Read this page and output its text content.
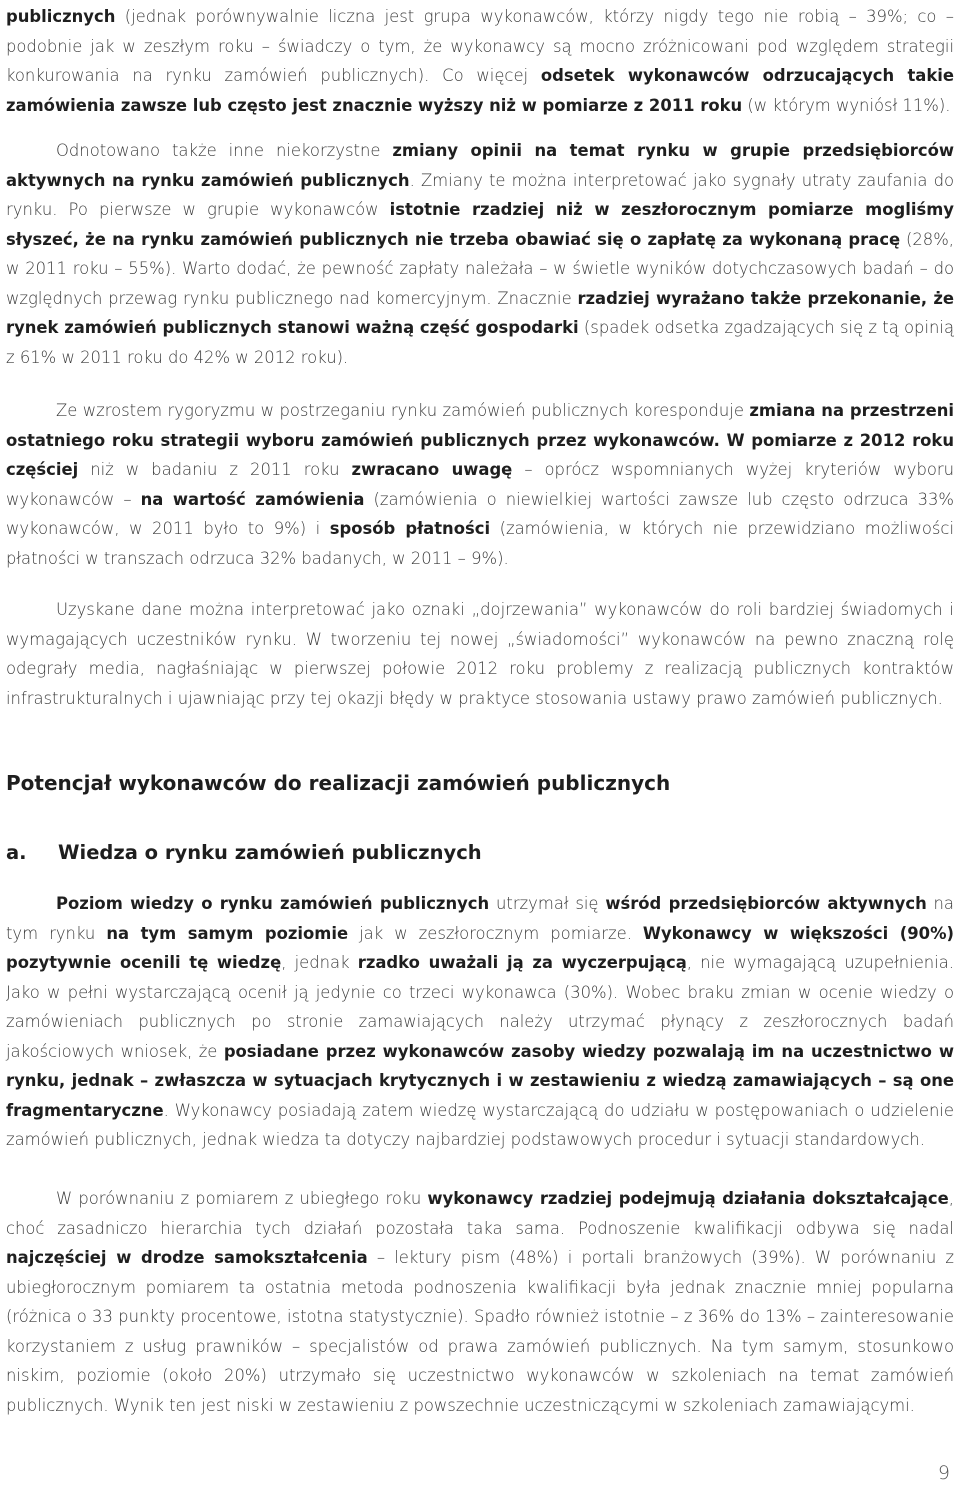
publicznych (jednak porównywalnie liczna jest grupa wykonawców, którzy nigdy tego nie robią – 39%; co – podobnie jak w zeszłym roku – świadczy o tym, że wykonawcy są mocno zróżnicowani pod względem strategii konkurowania na rynku zamówień publicznych). Co więcej odsetek wykonawców odrzucających takie zamówienia zawsze lub często jest znacznie wyższy niż w pomiarze z 2011 roku (w którym wyniósł 11%).

Odnotowano także inne niekorzystne zmiany opinii na temat rynku w grupie przedsiębiorców aktywnych na rynku zamówień publicznych. Zmiany te można interpretować jako sygnały utraty zaufania do rynku. Po pierwsze w grupie wykonawców istotnie rzadziej niż w zeszłorocznym pomiarze mogliśmy słyszeć, że na rynku zamówień publicznych nie trzeba obawiać się o zapłatę za wykonaną pracę (28%, w 2011 roku – 55%). Warto dodać, że pewność zapłaty należała – w świetle wyników dotychczasowych badań – do względnych przewag rynku publicznego nad komercyjnym. Znacznie rzadziej wyrażano także przekonanie, że rynek zamówień publicznych stanowi ważną część gospodarki (spadek odsetka zgadzających się z tą opinią z 61% w 2011 roku do 42% w 2012 roku).

Ze wzrostem rygoryzmu w postrzeganiu rynku zamówień publicznych koresponduje zmiana na przestrzeni ostatniego roku strategii wyboru zamówień publicznych przez wykonawców. W pomiarze z 2012 roku częściej niż w badaniu z 2011 roku zwracano uwagę – oprócz wspomnianych wyżej kryteriów wyboru wykonawców – na wartość zamówienia (zamówienia o niewielkiej wartości zawsze lub często odrzuca 33% wykonawców, w 2011 było to 9%) i sposób płatności (zamówienia, w których nie przewidziano możliwości płatności w transzach odrzuca 32% badanych, w 2011 – 9%).

Uzyskane dane można interpretować jako oznaki „dojrzewania” wykonawców do roli bardziej świadomych i wymagających uczestników rynku. W tworzeniu tej nowej „świadomości” wykonawców na pewno znaczną rolę odegrały media, nagłaśniając w pierwszej połowie 2012 roku problemy z realizacją publicznych kontraktów infrastrukturalnych i ujawniając przy tej okazji błędy w praktyce stosowania ustawy prawo zamówień publicznych.

Potencjał wykonawców do realizacji zamówień publicznych
a. Wiedza o rynku zamówień publicznych

Poziom wiedzy o rynku zamówień publicznych utrzymał się wśród przedsiębiorców aktywnych na tym rynku na tym samym poziomie jak w zeszłorocznym pomiarze. Wykonawcy w większości (90%) pozytywnie ocenili tę wiedzę, jednak rzadko uważali ją za wyczerpującą, nie wymagającą uzupełnienia. Jako w pełni wystarczającą ocenił ją jedynie co trzeci wykonawca (30%). Wobec braku zmian w ocenie wiedzy o zamówieniach publicznych po stronie zamawiających należy utrzymać płynący z zeszłorocznych badań jakościowych wniosek, że posiadane przez wykonawców zasoby wiedzy pozwalają im na uczestnictwo w rynku, jednak – zwłaszcza w sytuacjach krytycznych i w zestawieniu z wiedzą zamawiających – są one fragmentaryczne. Wykonawcy posiadają zatem wiedzę wystarczającą do udziału w postępowaniach o udzielenie zamówień publicznych, jednak wiedza ta dotyczy najbardziej podstawowych procedur i sytuacji standardowych.

W porównaniu z pomiarem z ubiegłego roku wykonawcy rzadziej podejmują działania dokształcające, choć zasadniczo hierarchia tych działań pozostała taka sama. Podnoszenie kwalifikacji odbywa się nadal najczęściej w drodze samokształcenia – lektury pism (48%) i portali branżowych (39%). W porównaniu z ubiegłorocznym pomiarem ta ostatnia metoda podnoszenia kwalifikacji była jednak znacznie mniej popularna (różnica o 33 punkty procentowe, istotna statystycznie). Spadło również istotnie – z 36% do 13% – zainteresowanie korzystaniem z usług prawników – specjalistów od prawa zamówień publicznych. Na tym samym, stosunkowo niskim, poziomie (około 20%) utrzymało się uczestnictwo wykonawców w szkoleniach na temat zamówień publicznych. Wynik ten jest niski w zestawieniu z powszechnie uczestniczącymi w szkoleniach zamawiającymi.

9
